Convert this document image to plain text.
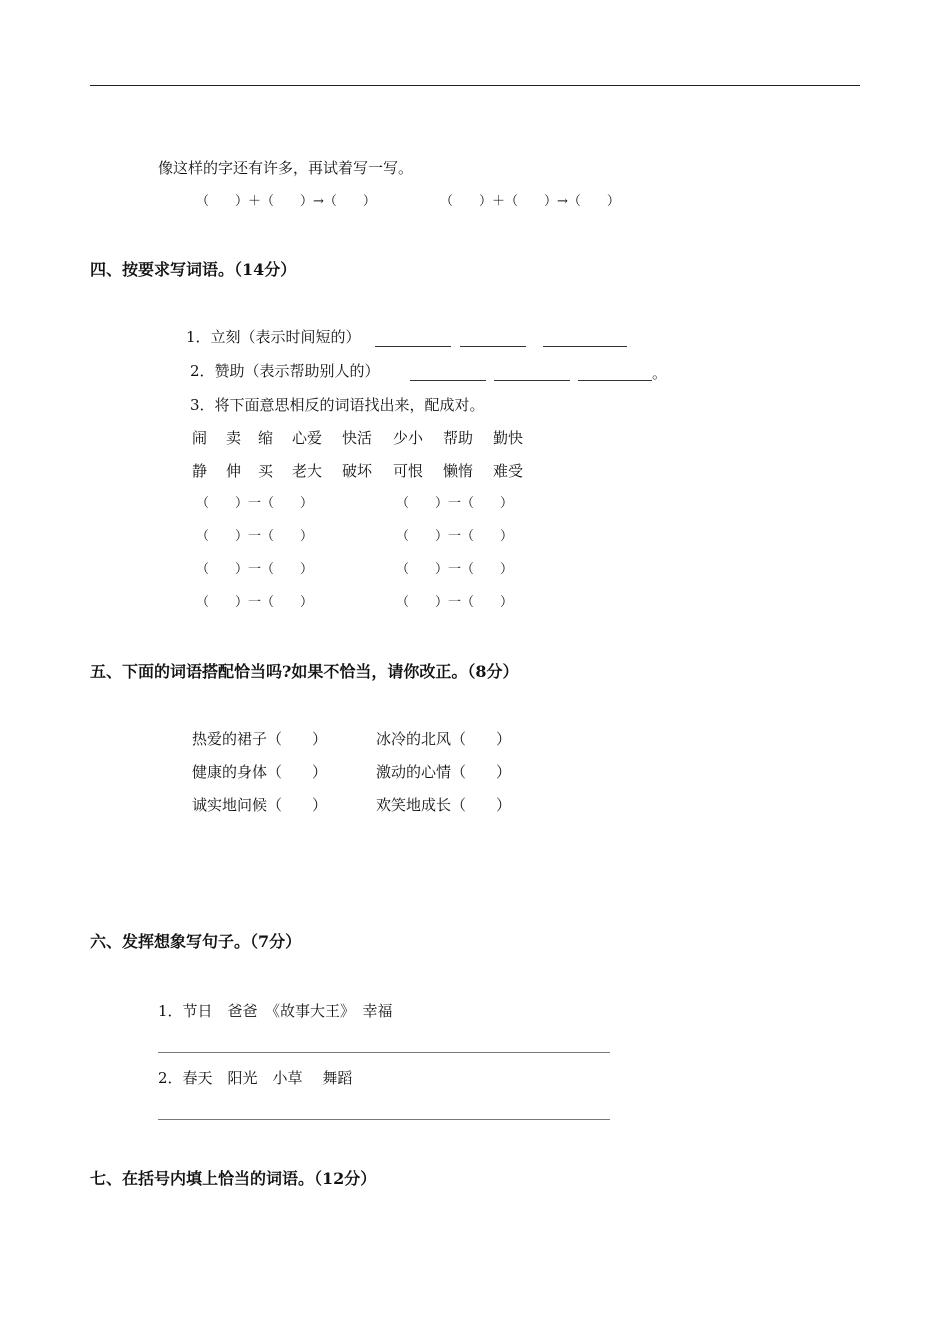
像这样的字还有许多，再试着写一写。
（　　）＋（　　）→（　　）	（　　）＋（　　）→（　　）
四、按要求写词语。（14分）
1．立刻（表示时间短的）
2．赞助（表示帮助别人的）	。
3．将下面意思相反的词语找出来，配成对。
闹 卖 缩 心爱 快活 少小 帮助 勤快
静 伸 买 老大 破坏 可恨 懒惰 难受
（　　）一（　　）	（　　）一（　　）
（　　）一（　　）	（　　）一（　　）
（　　）一（　　）	（　　）一（　　）
（　　）一（　　）	（　　）一（　　）
五、下面的词语搭配恰当吗?如果不恰当，请你改正。（8分）
热爱的裙子（　　）	冰冷的北风（　　）
健康的身体（　　）	激动的心情（　　）
诚实地问候（　　）	欢笑地成长（　　）
六、发挥想象写句子。（7分）
1．节日　爸爸　《故事大王》　幸福
2．春天　阳光　小草　 舞蹈
七、在括号内填上恰当的词语。（12分）
